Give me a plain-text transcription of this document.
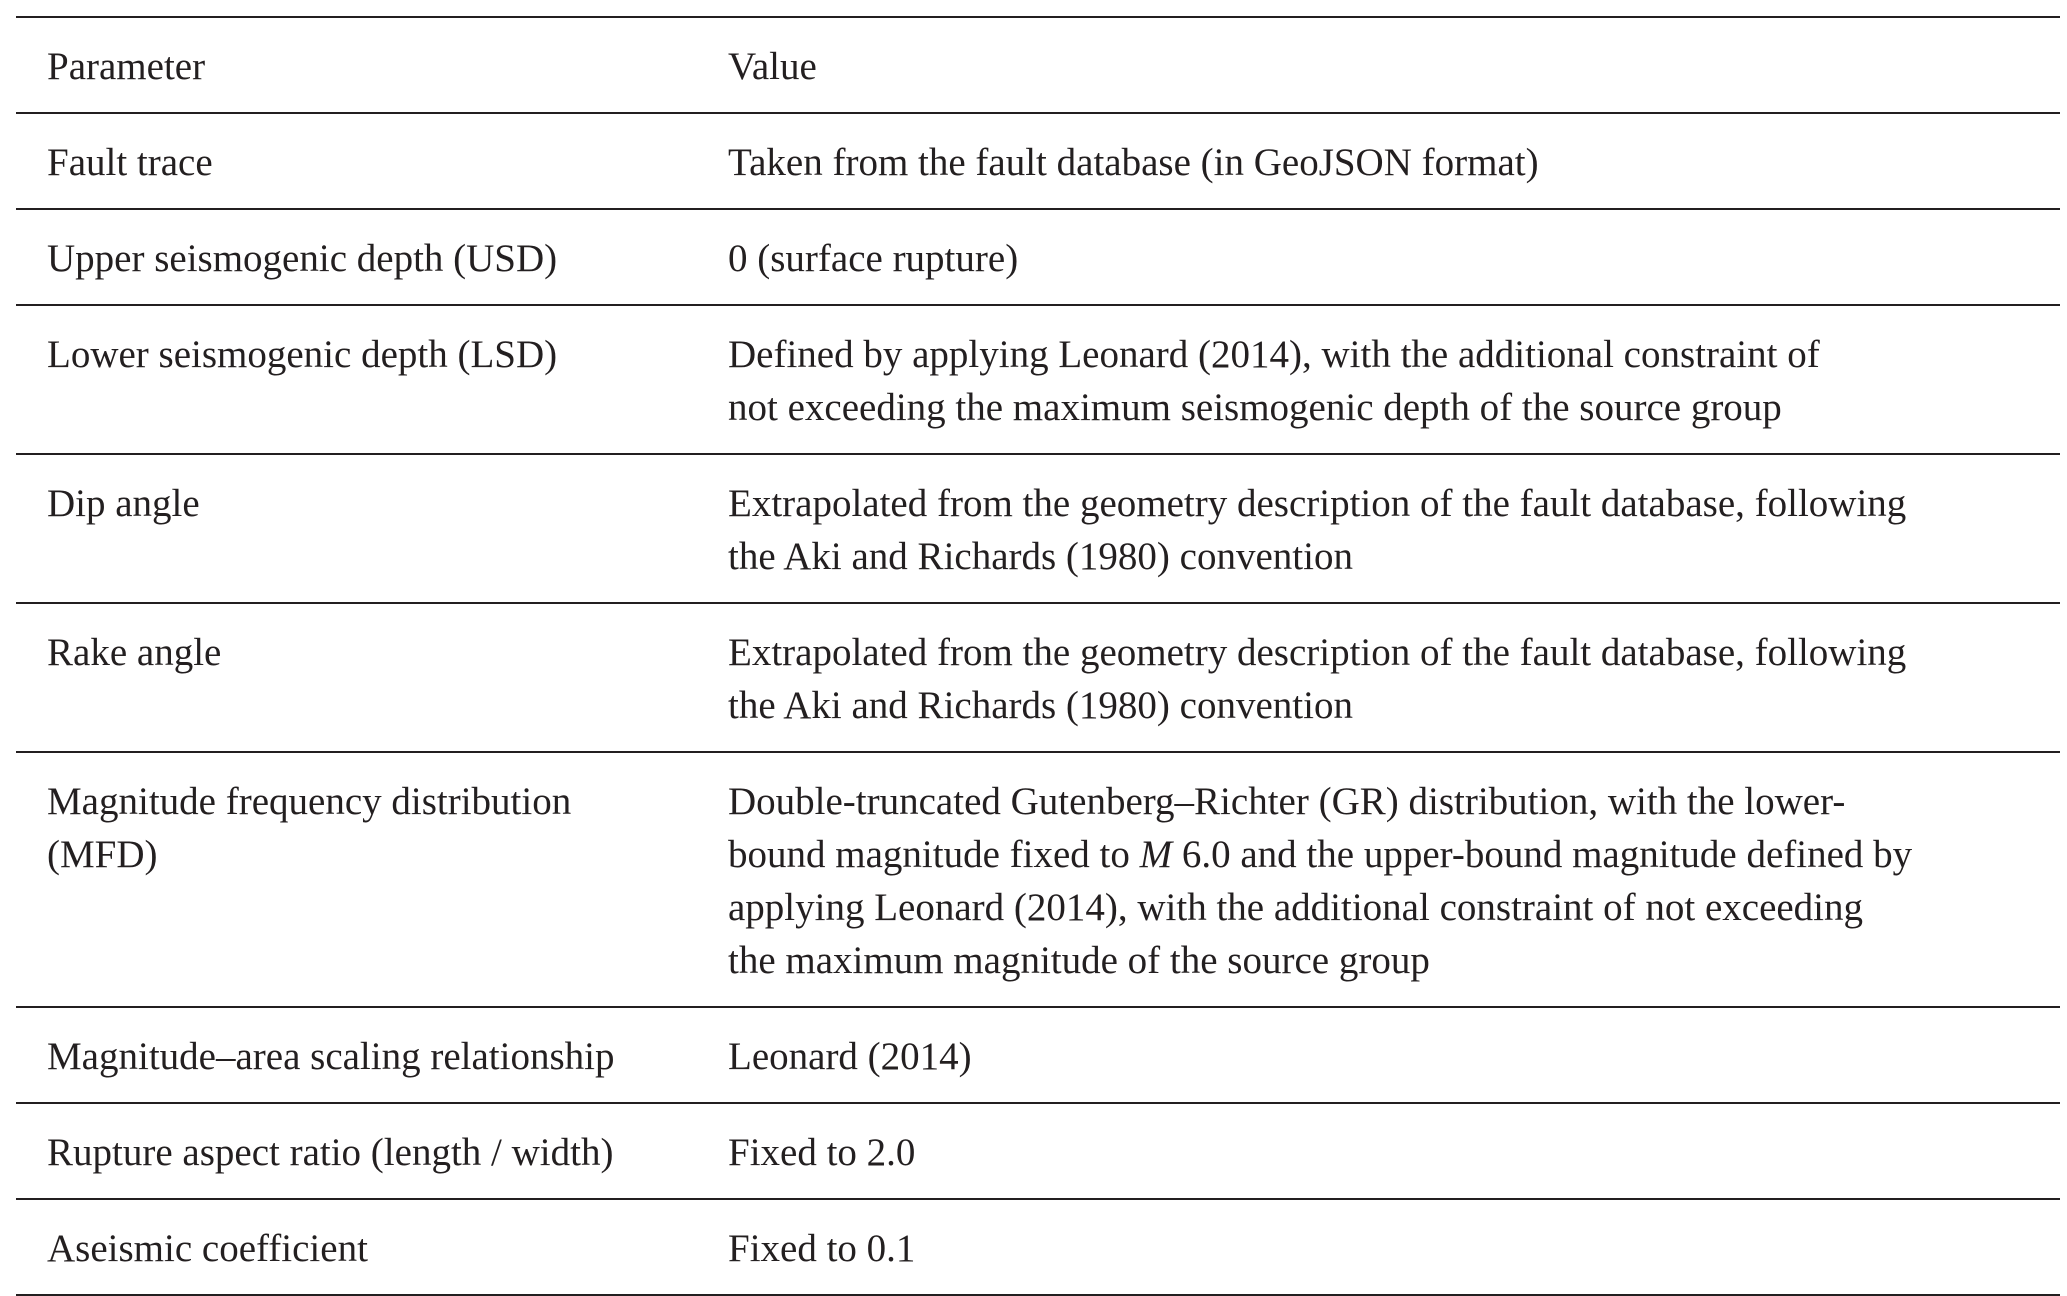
Parameter	Value
Fault trace	Taken from the fault database (in GeoJSON format)
Upper seismogenic depth (USD)	0 (surface rupture)
Lower seismogenic depth (LSD)	Defined by applying Leonard (2014), with the additional constraint of
not exceeding the maximum seismogenic depth of the source group
Dip angle	Extrapolated from the geometry description of the fault database, following
the Aki and Richards (1980) convention
Rake angle	Extrapolated from the geometry description of the fault database, following
the Aki and Richards (1980) convention
Magnitude frequency distribution
(MFD)	Double-truncated Gutenberg–Richter (GR) distribution, with the lower-
bound magnitude fixed to M 6.0 and the upper-bound magnitude defined by
applying Leonard (2014), with the additional constraint of not exceeding
the maximum magnitude of the source group
Magnitude–area scaling relationship	Leonard (2014)
Rupture aspect ratio (length / width)	Fixed to 2.0
Aseismic coefficient	Fixed to 0.1
